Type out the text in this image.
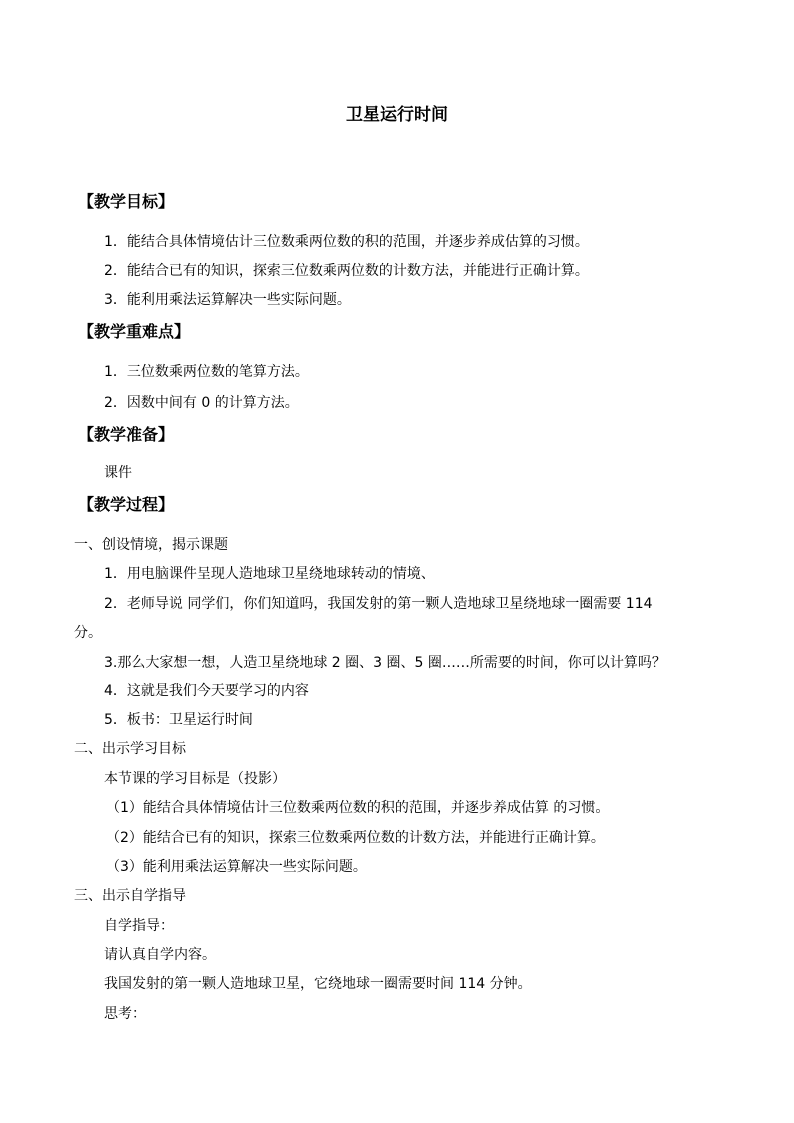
卫星运行时间
【教学目标】
1．能结合具体情境估计三位数乘两位数的积的范围，并逐步养成估算的习惯。
2．能结合已有的知识，探索三位数乘两位数的计数方法，并能进行正确计算。
3．能利用乘法运算解决一些实际问题。
【教学重难点】
1．三位数乘两位数的笔算方法。
2．因数中间有 0 的计算方法。
【教学准备】
课件
【教学过程】
一、创设情境，揭示课题
1．用电脑课件呈现人造地球卫星绕地球转动的情境、
2．老师导说 同学们，你们知道吗，我国发射的第一颗人造地球卫星绕地球一圈需要 114
分。
3.那么大家想一想，人造卫星绕地球 2 圈、3 圈、5 圈……所需要的时间，你可以计算吗？
4．这就是我们今天要学习的内容
5．板书：卫星运行时间
二、出示学习目标
本节课的学习目标是（投影）
（1）能结合具体情境估计三位数乘两位数的积的范围，并逐步养成估算 的习惯。
（2）能结合已有的知识，探索三位数乘两位数的计数方法，并能进行正确计算。
（3）能利用乘法运算解决一些实际问题。
三、出示自学指导
自学指导：
请认真自学内容。
我国发射的第一颗人造地球卫星，它绕地球一圈需要时间 114 分钟。
思考：
